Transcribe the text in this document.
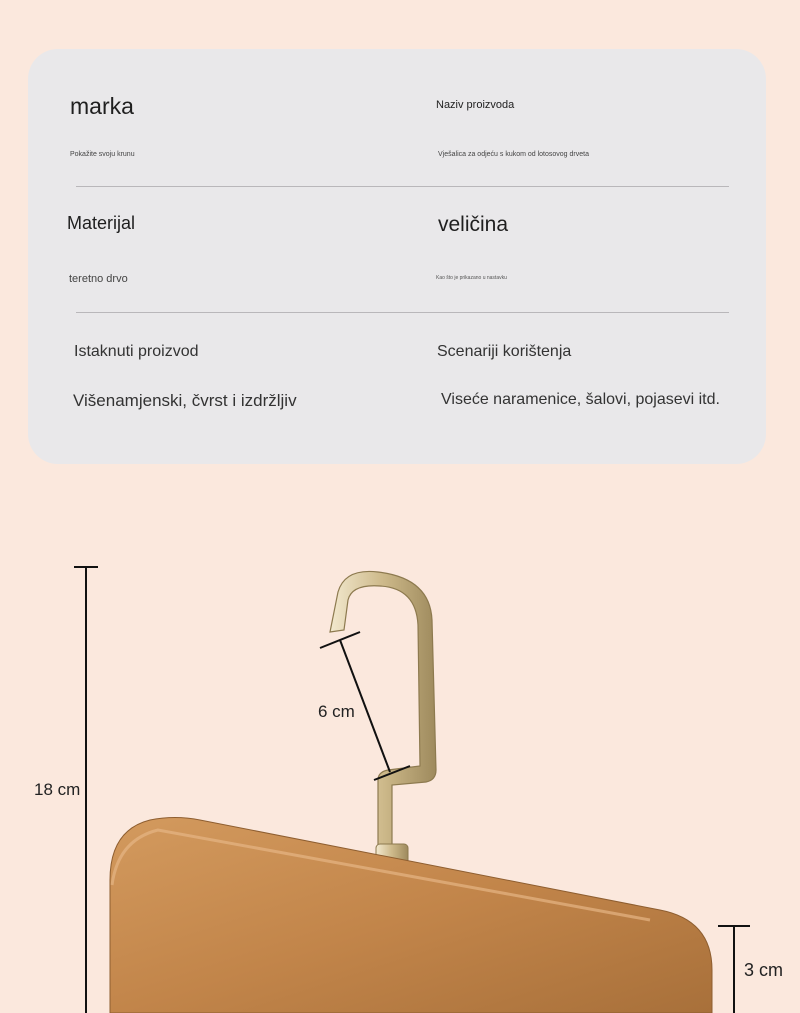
marka
Pokažite svoju krunu
Naziv proizvoda
Vješalica za odjeću s kukom od lotosovog drveta
Materijal
teretno drvo
veličina
Kao što je prikazano u nastavku
Istaknuti proizvod
Višenamjenski, čvrst i izdržljiv
Scenariji korištenja
Viseće naramenice, šalovi, pojasevi itd.
18 cm
6 cm
3 cm
